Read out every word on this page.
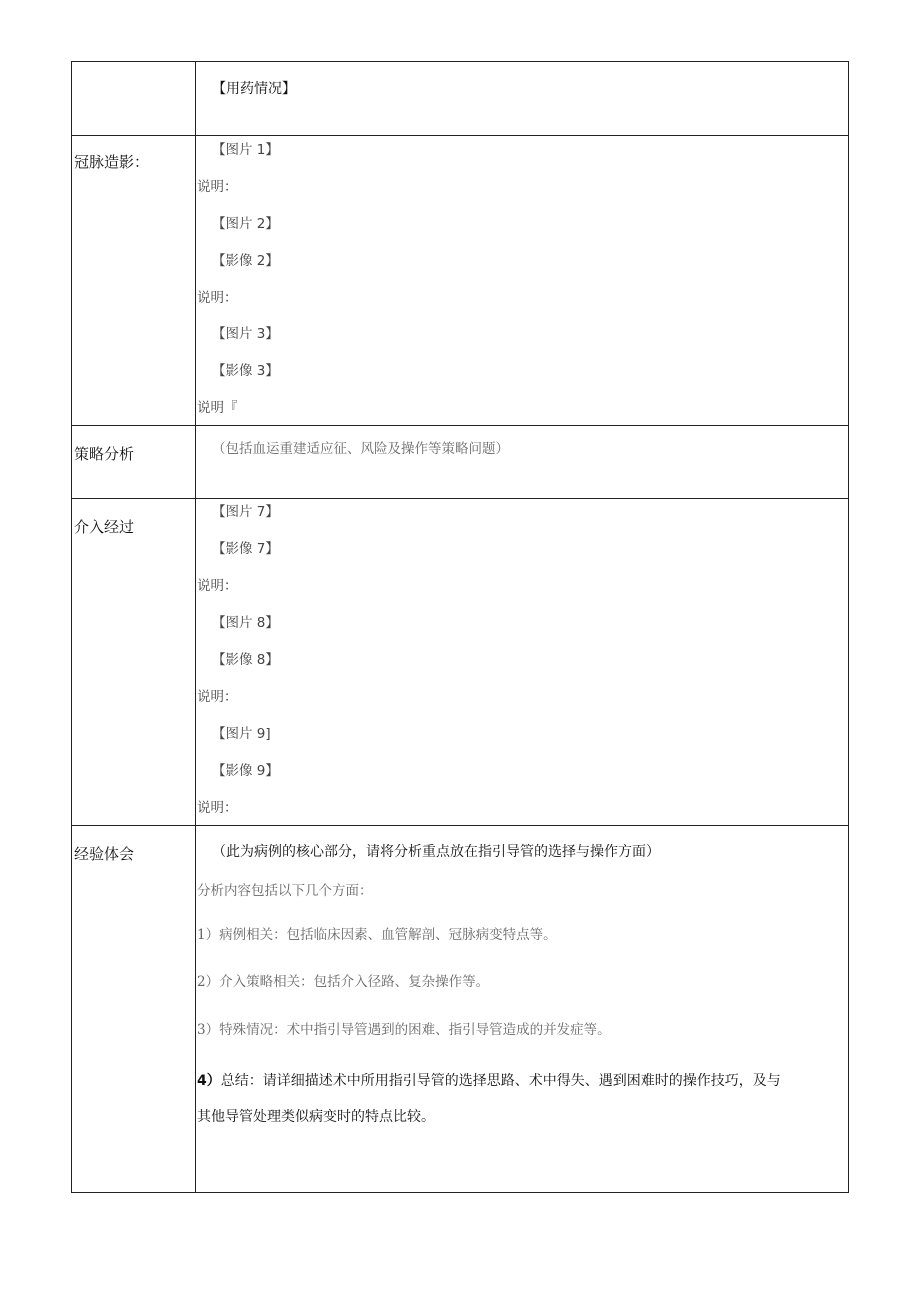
【用药情况】
冠脉造影：
【图片 1】
说明：
【图片 2】
【影像 2】
说明：
【图片 3】
【影像 3】
说明『
策略分析	（包括血运重建适应征、风险及操作等策略问题）
介入经过
【图片 7】
【影像 7】
说明：
【图片 8】
【影像 8】
说明：
【图片 9]
【影像 9】
说明：
经验体会	（此为病例的核心部分，请将分析重点放在指引导管的选择与操作方面）
分析内容包括以下几个方面：
1）病例相关：包括临床因素、血管解剖、冠脉病变特点等。
2）介入策略相关：包括介入径路、复杂操作等。
3）特殊情况：术中指引导管遇到的困难、指引导管造成的并发症等。
4）总结：请详细描述术中所用指引导管的选择思路、术中得失、遇到困难时的操作技巧，及与
其他导管处理类似病变时的特点比较。
